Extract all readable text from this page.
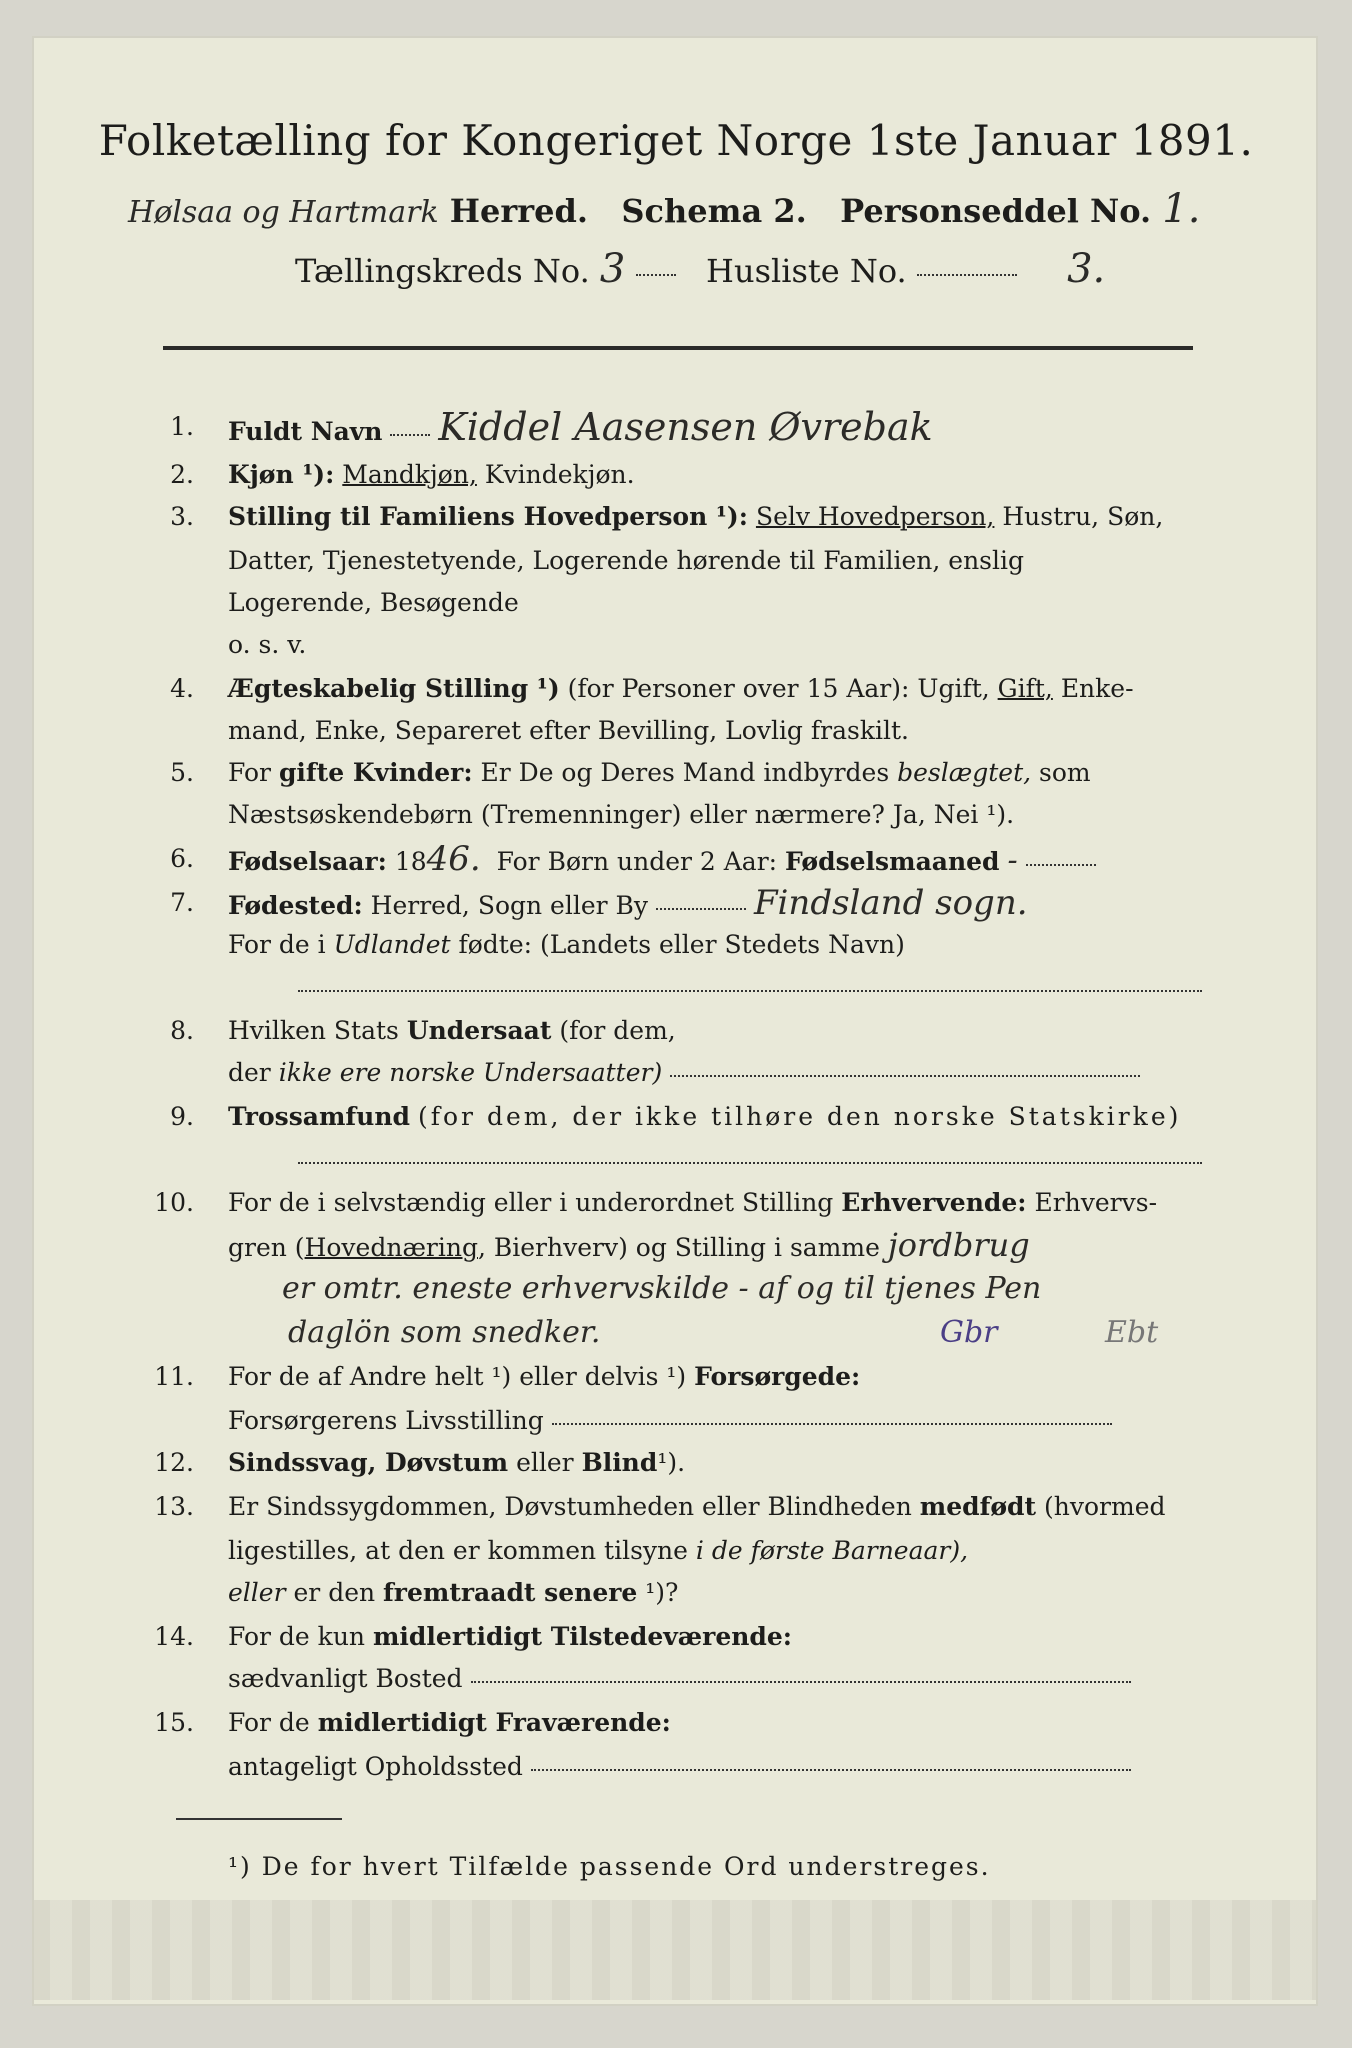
Folketælling for Kongeriget Norge 1ste Januar 1891.
Hølsaa og Hartmark Herred. Schema 2. Personseddel No. 1.
Tællingskreds No. 3	Husliste No.	3.
1. Fuldt Navn Kiddel Aasensen Øvrebak
2. Kjøn ¹): Mandkjøn, Kvindekjøn.
3. Stilling til Familiens Hovedperson ¹): Selv Hovedperson, Hustru, Søn,
Datter, Tjenestetyende, Logerende hørende til Familien, enslig
Logerende, Besøgende
o. s. v.
4. Ægteskabelig Stilling ¹) (for Personer over 15 Aar): Ugift, Gift, Enke-
mand, Enke, Separeret efter Bevilling, Lovlig fraskilt.
5. For gifte Kvinder: Er De og Deres Mand indbyrdes beslægtet, som
Næstsøskendebørn (Tremenninger) eller nærmere? Ja, Nei ¹).
6. Fødselsaar: 1846. For Børn under 2 Aar: Fødselsmaaned -
7. Fødested: Herred, Sogn eller By	Findsland sogn.
For de i Udlandet fødte: (Landets eller Stedets Navn)
8. Hvilken Stats Undersaat (for dem,
der ikke ere norske Undersaatter)
9. Trossamfund (for dem, der ikke tilhøre den norske Statskirke)
10. For de i selvstændig eller i underordnet Stilling Erhvervende: Erhvervs-
gren (Hovednæring, Bierhverv) og Stilling i samme jordbrug
er omtr. eneste erhvervskilde - af og til tjenes Pen
daglön som snedker.	Gbr	Ebt
11. For de af Andre helt ¹) eller delvis ¹) Forsørgede:
Forsørgerens Livsstilling
12. Sindssvag, Døvstum eller Blind¹).
13. Er Sindssygdommen, Døvstumheden eller Blindheden medfødt (hvormed
ligestilles, at den er kommen tilsyne i de første Barneaar),
eller er den fremtraadt senere ¹)?
14. For de kun midlertidigt Tilstedeværende:
sædvanligt Bosted
15. For de midlertidigt Fraværende:
antageligt Opholdssted
¹) De for hvert Tilfælde passende Ord understreges.
